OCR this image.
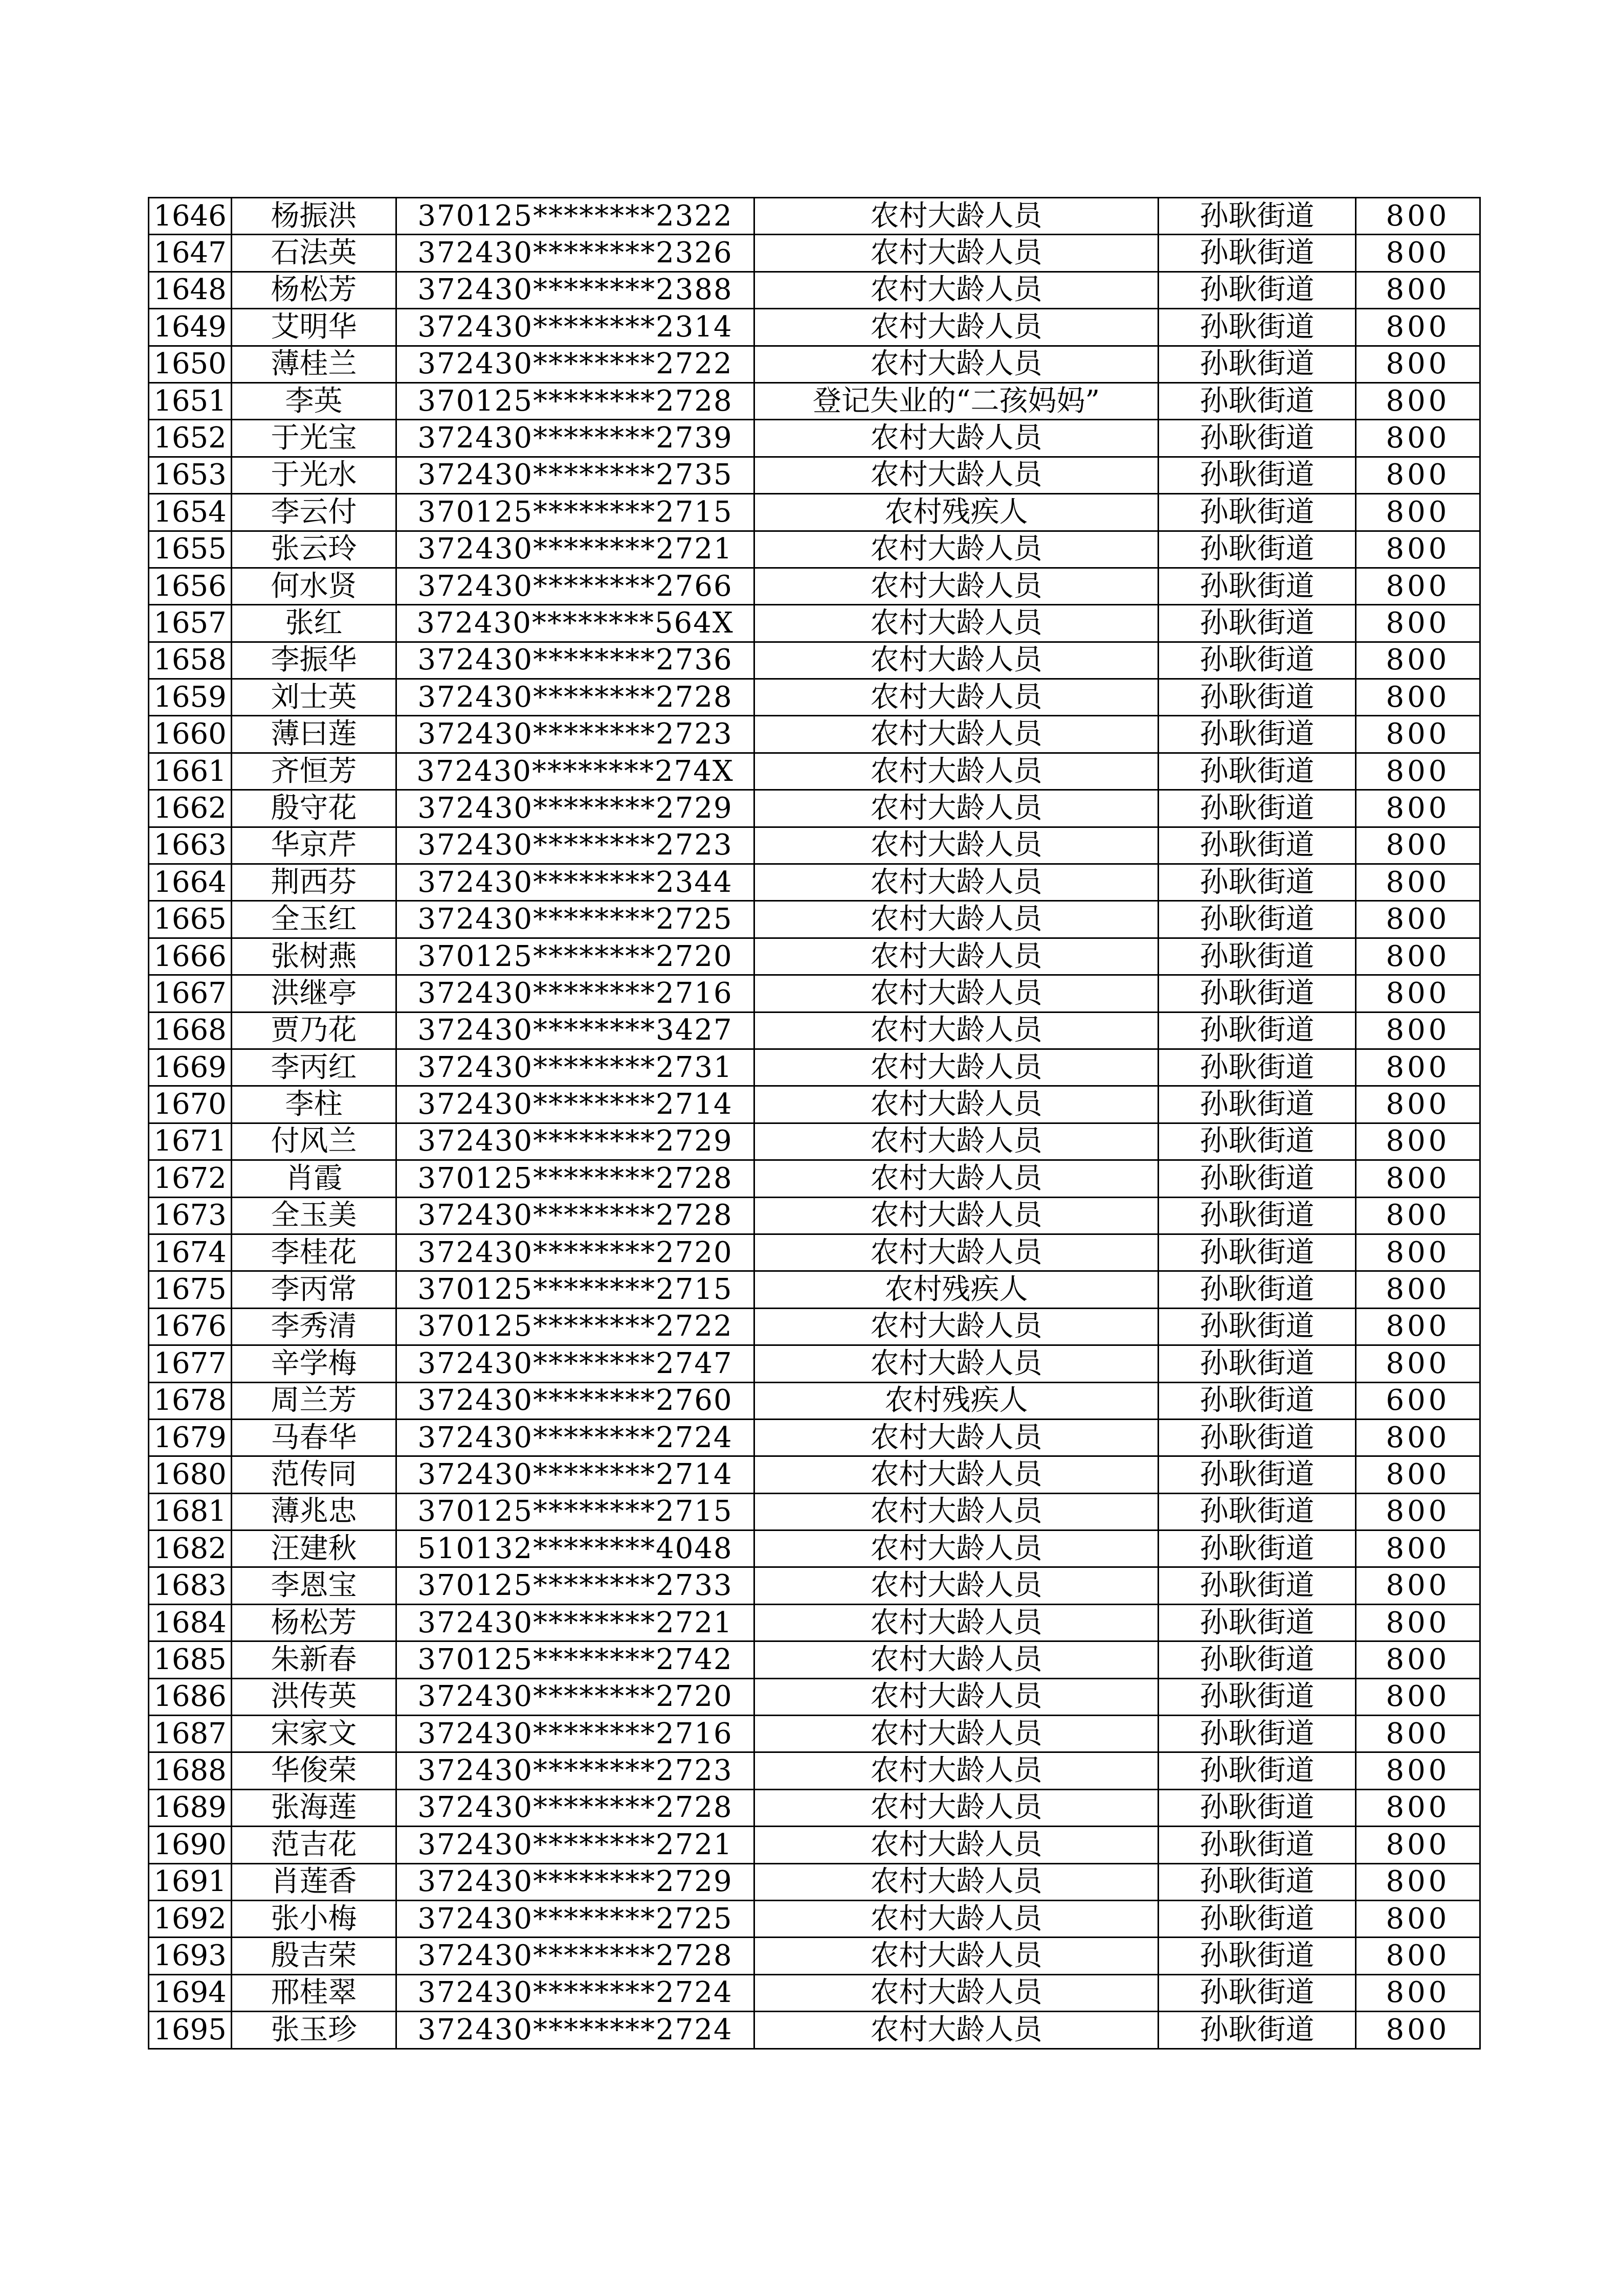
1646	杨振洪	370125********2322	农村大龄人员	孙耿街道	800
1647	石法英	372430********2326	农村大龄人员	孙耿街道	800
1648	杨松芳	372430********2388	农村大龄人员	孙耿街道	800
1649	艾明华	372430********2314	农村大龄人员	孙耿街道	800
1650	薄桂兰	372430********2722	农村大龄人员	孙耿街道	800
1651	李英	370125********2728	登记失业的“二孩妈妈”	孙耿街道	800
1652	于光宝	372430********2739	农村大龄人员	孙耿街道	800
1653	于光水	372430********2735	农村大龄人员	孙耿街道	800
1654	李云付	370125********2715	农村残疾人	孙耿街道	800
1655	张云玲	372430********2721	农村大龄人员	孙耿街道	800
1656	何水贤	372430********2766	农村大龄人员	孙耿街道	800
1657	张红	372430********564X	农村大龄人员	孙耿街道	800
1658	李振华	372430********2736	农村大龄人员	孙耿街道	800
1659	刘士英	372430********2728	农村大龄人员	孙耿街道	800
1660	薄曰莲	372430********2723	农村大龄人员	孙耿街道	800
1661	齐恒芳	372430********274X	农村大龄人员	孙耿街道	800
1662	殷守花	372430********2729	农村大龄人员	孙耿街道	800
1663	华京芹	372430********2723	农村大龄人员	孙耿街道	800
1664	荆西芬	372430********2344	农村大龄人员	孙耿街道	800
1665	全玉红	372430********2725	农村大龄人员	孙耿街道	800
1666	张树燕	370125********2720	农村大龄人员	孙耿街道	800
1667	洪继亭	372430********2716	农村大龄人员	孙耿街道	800
1668	贾乃花	372430********3427	农村大龄人员	孙耿街道	800
1669	李丙红	372430********2731	农村大龄人员	孙耿街道	800
1670	李柱	372430********2714	农村大龄人员	孙耿街道	800
1671	付风兰	372430********2729	农村大龄人员	孙耿街道	800
1672	肖霞	370125********2728	农村大龄人员	孙耿街道	800
1673	全玉美	372430********2728	农村大龄人员	孙耿街道	800
1674	李桂花	372430********2720	农村大龄人员	孙耿街道	800
1675	李丙常	370125********2715	农村残疾人	孙耿街道	800
1676	李秀清	370125********2722	农村大龄人员	孙耿街道	800
1677	辛学梅	372430********2747	农村大龄人员	孙耿街道	800
1678	周兰芳	372430********2760	农村残疾人	孙耿街道	600
1679	马春华	372430********2724	农村大龄人员	孙耿街道	800
1680	范传同	372430********2714	农村大龄人员	孙耿街道	800
1681	薄兆忠	370125********2715	农村大龄人员	孙耿街道	800
1682	汪建秋	510132********4048	农村大龄人员	孙耿街道	800
1683	李恩宝	370125********2733	农村大龄人员	孙耿街道	800
1684	杨松芳	372430********2721	农村大龄人员	孙耿街道	800
1685	朱新春	370125********2742	农村大龄人员	孙耿街道	800
1686	洪传英	372430********2720	农村大龄人员	孙耿街道	800
1687	宋家文	372430********2716	农村大龄人员	孙耿街道	800
1688	华俊荣	372430********2723	农村大龄人员	孙耿街道	800
1689	张海莲	372430********2728	农村大龄人员	孙耿街道	800
1690	范吉花	372430********2721	农村大龄人员	孙耿街道	800
1691	肖莲香	372430********2729	农村大龄人员	孙耿街道	800
1692	张小梅	372430********2725	农村大龄人员	孙耿街道	800
1693	殷吉荣	372430********2728	农村大龄人员	孙耿街道	800
1694	邢桂翠	372430********2724	农村大龄人员	孙耿街道	800
1695	张玉珍	372430********2724	农村大龄人员	孙耿街道	800
